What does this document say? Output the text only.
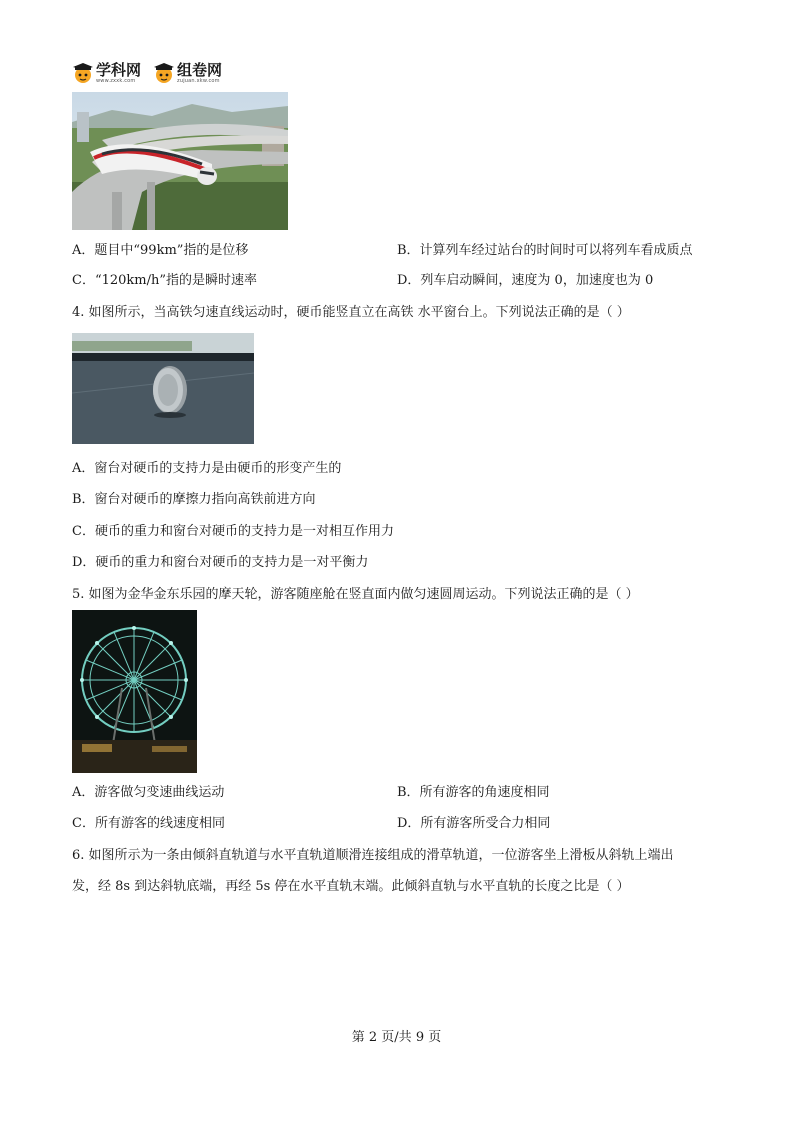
学科网
www.zxxk.com
组卷网
zujuan.xkw.com
A．题目中“99km”指的是位移	B．计算列车经过站台的时间时可以将列车看成质点
C．“120km/h”指的是瞬时速率	D．列车启动瞬间，速度为 0，加速度也为 0
4. 如图所示，当高铁匀速直线运动时，硬币能竖直立在高铁 水平窗台上。下列说法正确的是（ ）
A．窗台对硬币的支持力是由硬币的形变产生的
B．窗台对硬币的摩擦力指向高铁前进方向
C．硬币的重力和窗台对硬币的支持力是一对相互作用力
D．硬币的重力和窗台对硬币的支持力是一对平衡力
5. 如图为金华金东乐园的摩天轮，游客随座舱在竖直面内做匀速圆周运动。下列说法正确的是（ ）
A．游客做匀变速曲线运动	B．所有游客的角速度相同
C．所有游客的线速度相同	D．所有游客所受合力相同
6. 如图所示为一条由倾斜直轨道与水平直轨道顺滑连接组成的滑草轨道，一位游客坐上滑板从斜轨上端出
发，经 8s 到达斜轨底端，再经 5s 停在水平直轨末端。此倾斜直轨与水平直轨的长度之比是（ ）
第 2 页/共 9 页
